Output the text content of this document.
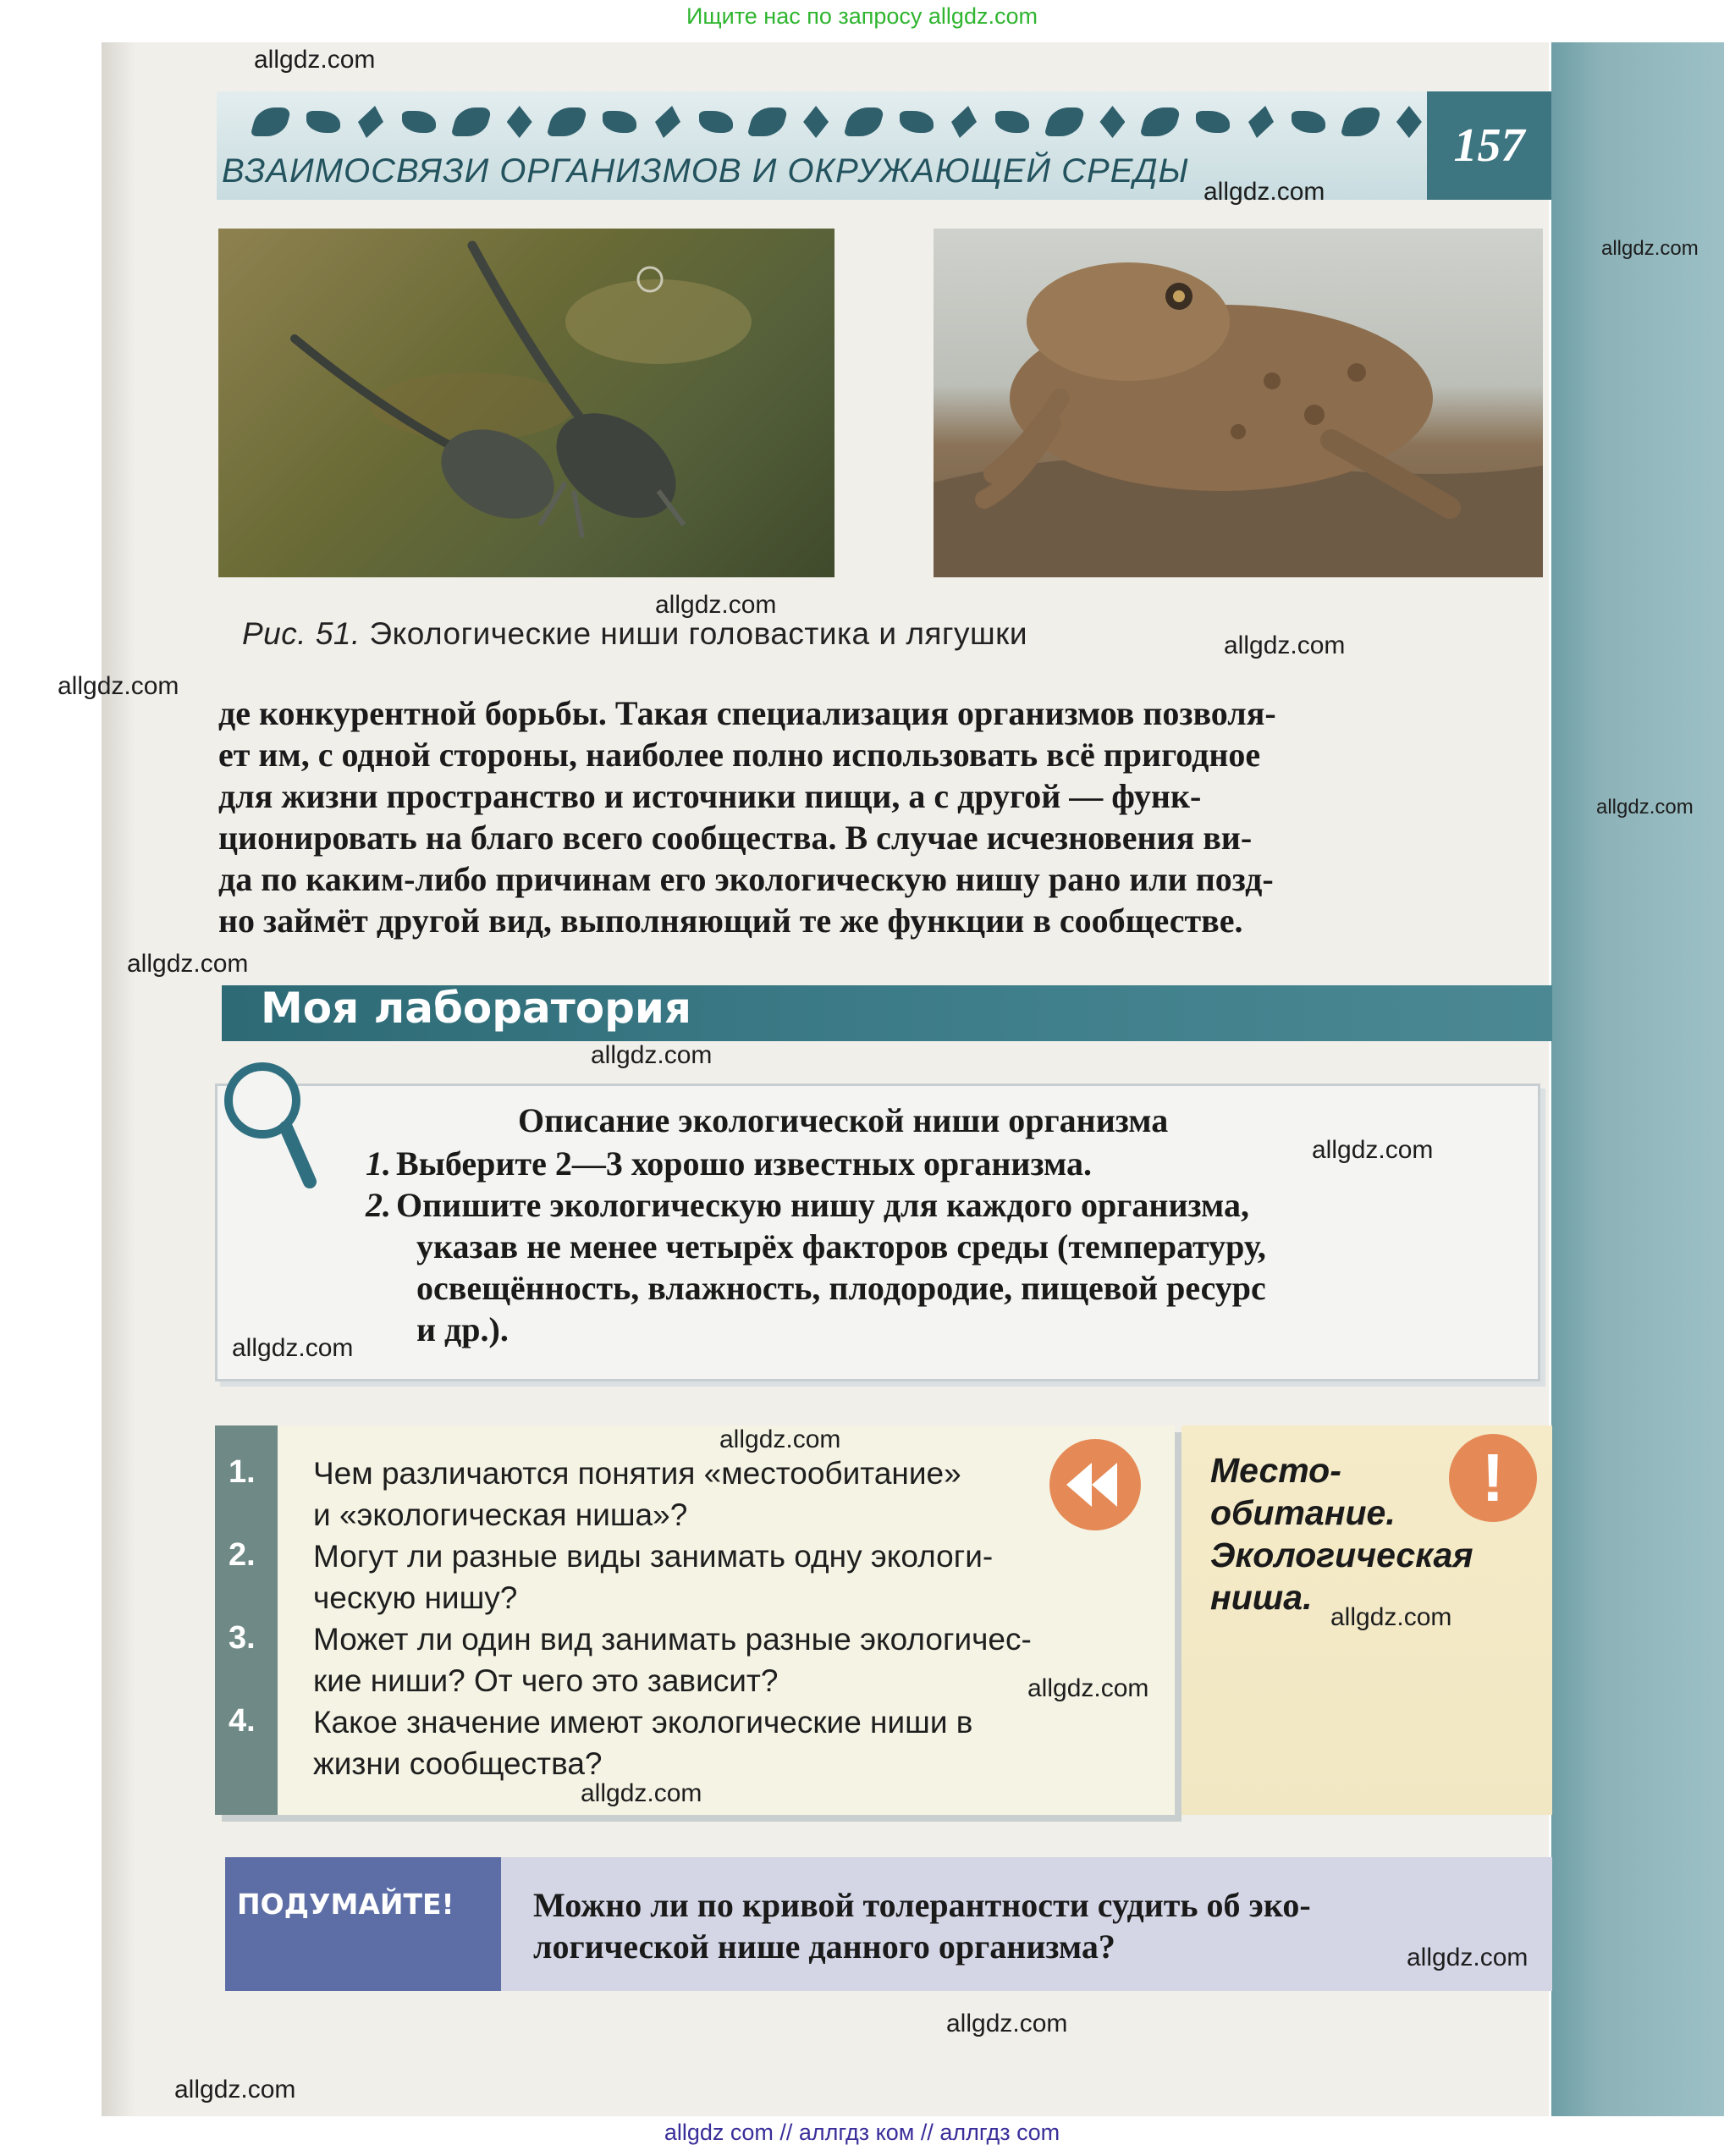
Ищите нас по запросу allgdz.com
ВЗАИМОСВЯЗИ ОРГАНИЗМОВ И ОКРУЖАЮЩЕЙ СРЕДЫ	157
Рис. 51. Экологические ниши головастика и лягушки
де конкурентной борьбы. Такая специализация организмов позволя-
ет им, с одной стороны, наиболее полно использовать всё пригодное
для жизни пространство и источники пищи, а с другой — функ-
ционировать на благо всего сообщества. В случае исчезновения ви-
да по каким-либо причинам его экологическую нишу рано или позд-
но займёт другой вид, выполняющий те же функции в сообществе.
Моя лаборатория
Описание экологической ниши организма
1. Выберите 2—3 хорошо известных организма.
2. Опишите экологическую нишу для каждого организма,
указав не менее четырёх факторов среды (температуру,
освещённость, влажность, плодородие, пищевой ресурс
и др.).
1.	Чем различаются понятия «местообитание»
и «экологическая ниша»?
2.	Могут ли разные виды занимать одну экологи-
ческую нишу?
3.	Может ли один вид занимать разные экологичес-
кие ниши? От чего это зависит?
4.	Какое значение имеют экологические ниши в
жизни сообщества?
!
Место-
обитание.
Экологическая
ниша.
ПОДУМАЙТЕ! Можно ли по кривой толерантности судить об эко-
логической нише данного организма?
allgdz.com
allgdz.com
allgdz.com
allgdz.com
allgdz.com
allgdz.com
allgdz.com
allgdz.com
allgdz.com
allgdz.com
allgdz.com
allgdz.com
allgdz.com
allgdz.com
allgdz.com
allgdz.com
allgdz.com
allgdz.com
allgdz com // аллгдз ком // аллгдз com
